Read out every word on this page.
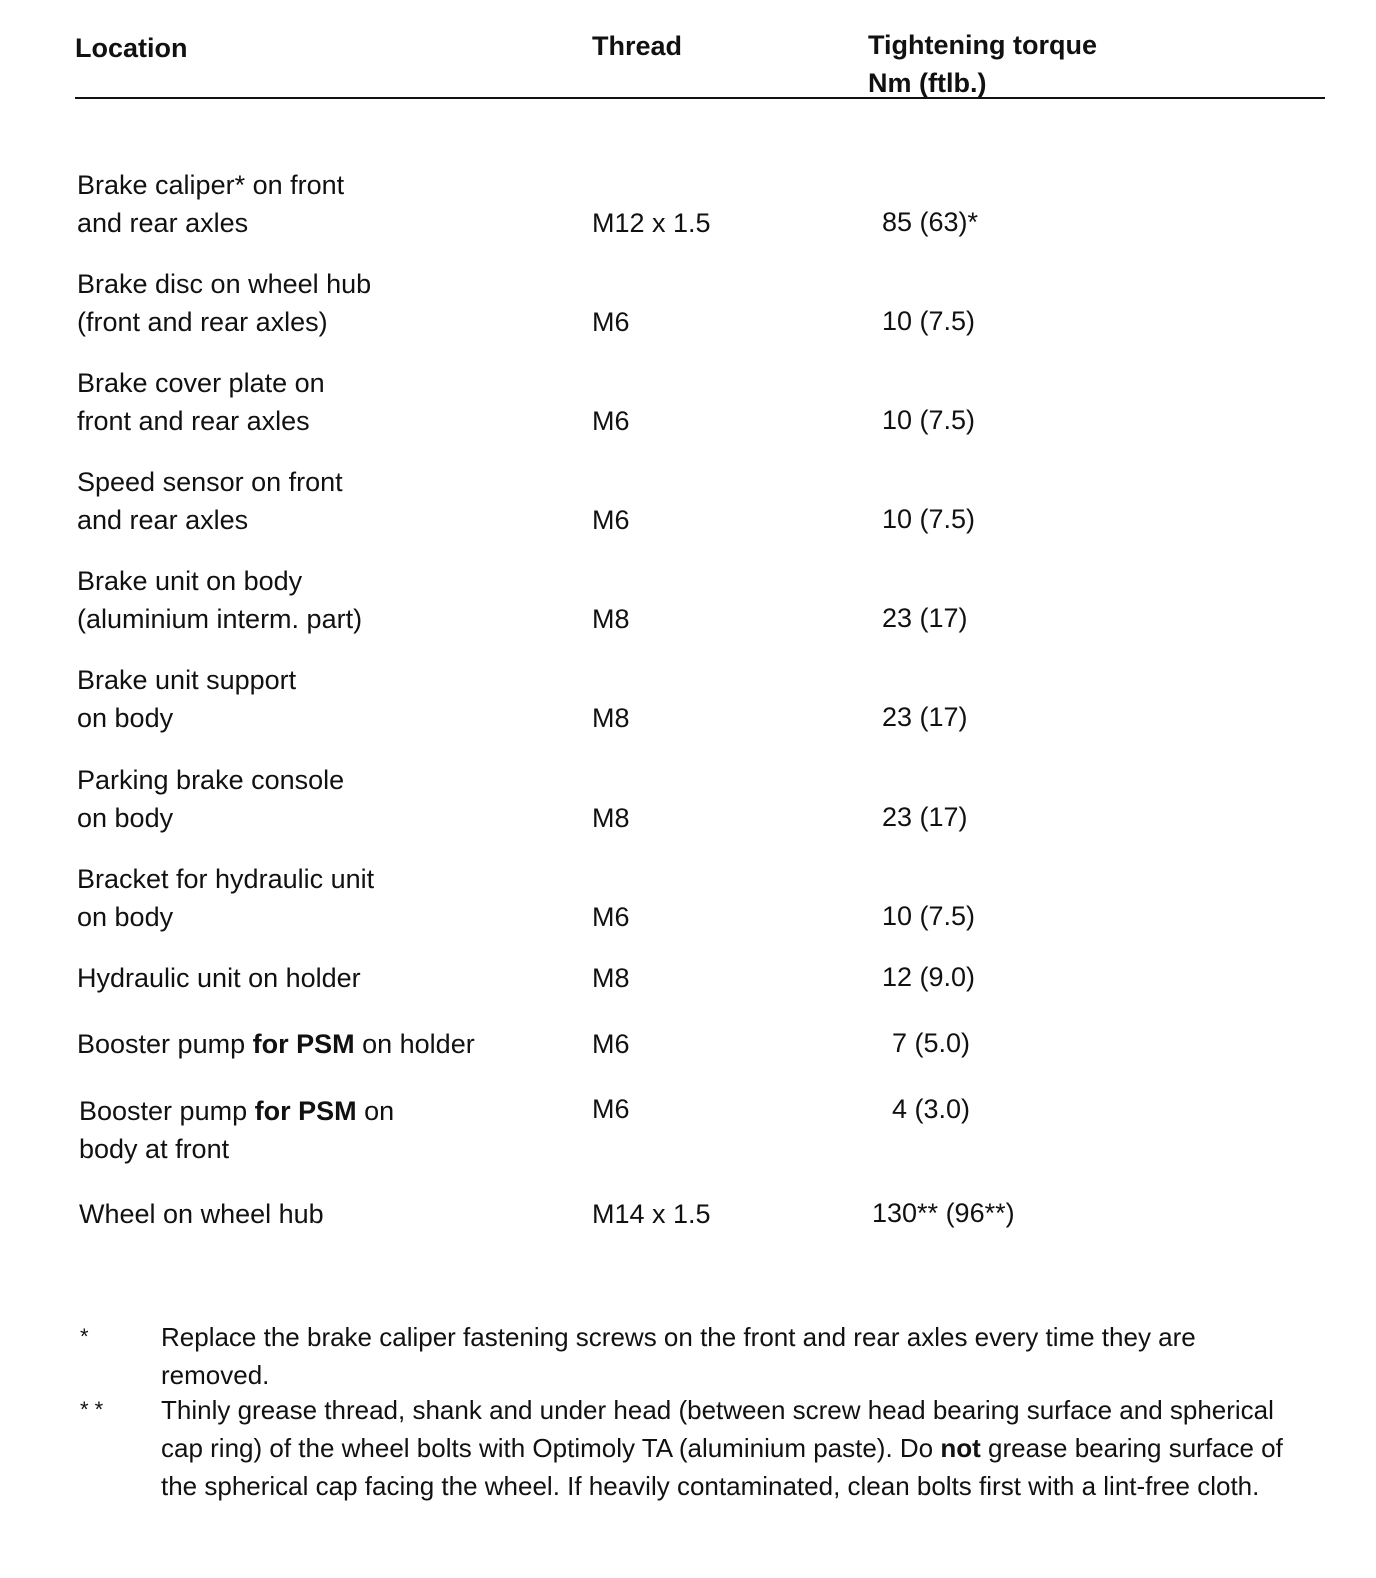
Location	Thread	Tightening torque
Nm (ftlb.)
Brake caliper* on front
and rear axles	M12 x 1.5	85 (63)*
Brake disc on wheel hub
(front and rear axles)	M6	10 (7.5)
Brake cover plate on
front and rear axles	M6	10 (7.5)
Speed sensor on front
and rear axles	M6	10 (7.5)
Brake unit on body
(aluminium interm. part)	M8	23 (17)
Brake unit support
on body	M8	23 (17)
Parking brake console
on body	M8	23 (17)
Bracket for hydraulic unit
on body	M6	10 (7.5)
Hydraulic unit on holder	M8	12 (9.0)
Booster pump for PSM on holder	M6	7 (5.0)
Booster pump for PSM on
body at front
M6	4 (3.0)
Wheel on wheel hub	M14 x 1.5	130** (96**)
*	Replace the brake caliper fastening screws on the front and rear axles every time they are removed.
* * Thinly grease thread, shank and under head (between screw head bearing surface and spherical cap ring) of the wheel bolts with Optimoly TA (aluminium paste). Do not grease bearing surface of the spherical cap facing the wheel. If heavily contaminated, clean bolts first with a lint-free cloth.
